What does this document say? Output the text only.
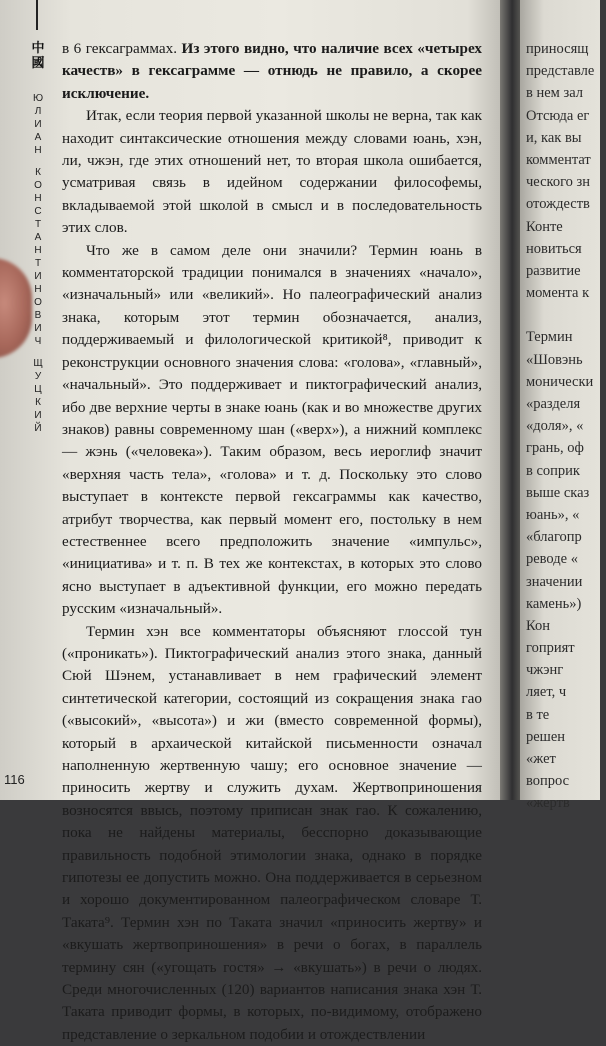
中國
Ю
Л
И
А
Н
К
О
Н
С
Т
А
Н
Т
И
Н
О
В
И
Ч
Щ
У
Ц
К
И
Й

в 6 гексаграммах. Из этого видно, что наличие всех «четырех качеств» в гексаграмме — отнюдь не правило, а скорее исключение.

Итак, если теория первой указанной школы не верна, так как находит синтаксические отношения между словами юань, хэн, ли, чжэн, где этих отношений нет, то вторая школа ошибается, усматривая связь в идейном содержании философемы, вкладываемой этой школой в смысл и в последовательность этих слов.

Что же в самом деле они значили? Термин юань в комментаторской традиции понимался в значениях «начало», «изначальный» или «великий». Но палеографический анализ знака, которым этот термин обозначается, анализ, поддерживаемый и филологической критикой⁸, приводит к реконструкции основного значения слова: «голова», «главный», «начальный». Это поддерживает и пиктографический анализ, ибо две верхние черты в знаке юань (как и во множестве других знаков) равны современному шан («верх»), а нижний комплекс — жэнь («человека»). Таким образом, весь иероглиф значит «верхняя часть тела», «голова» и т. д. Поскольку это слово выступает в контексте первой гексаграммы как качество, атрибут творчества, как первый момент его, постольку в нем естественнее всего предположить значение «импульс», «инициатива» и т. п. В тех же контекстах, в которых это слово ясно выступает в адъективной функции, его можно передать русским «изначальный».

Термин хэн все комментаторы объясняют глоссой тун («проникать»). Пиктографический анализ этого знака, данный Сюй Шэнем, устанавливает в нем графический элемент синтетической категории, состоящий из сокращения знака гао («высокий», «высота») и жи (вместо современной формы), который в архаической китайской письменности означал наполненную жертвенную чашу; его основное значение — приносить жертву и служить духам. Жертвоприношения возносятся ввысь, поэтому приписан знак гао. К сожалению, пока не найдены материалы, бесспорно доказывающие правильность подобной этимологии знака, однако в порядке гипотезы ее допустить можно. Она поддерживается в серьезном и хорошо документированном палеографическом словаре Т. Таката⁹. Термин хэн по Таката значил «приносить жертву» и «вкушать жертвоприношения» в речи о богах, в параллель термину сян («угощать гостя» → «вкушать») в речи о людях. Среди многочисленных (120) вариантов написания знака хэн Т. Таката приводит формы, в которых, по-видимому, отображено представление о зеркальном подобии и отождествлении

116
приносящ
представле
в нем зал
Отсюда ег
и, как вы
комментат
ческого зн
отождеств
Конте
новиться
развитие
момента к
Термин
«Шовэнь
монически
«разделя
«доля», «
грань, оф
в соприк
выше сказ
юань», «
«благопр
реводе «
значении
камень»)
Кон
гоприят
чжэнг
ляет, ч
в те
решен
«жет
вопрос
«жертв
